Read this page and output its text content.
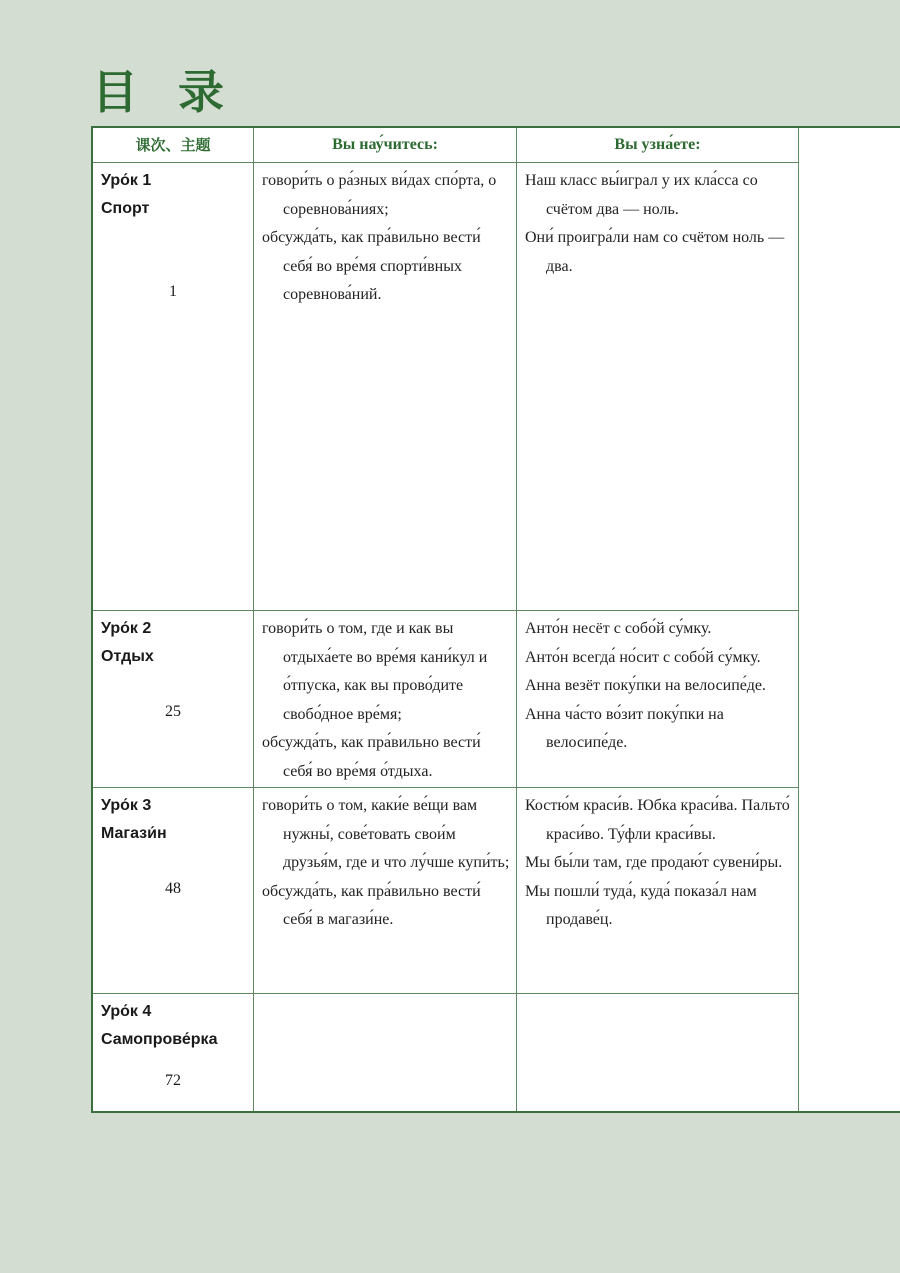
目 录
课次、主题	Вы нау́читесь:	Вы узна́ете:
Уро́к 1
Спорт
1

говори́ть о ра́зных ви́дах спо́рта, о соревнова́ниях;

обсужда́ть, как пра́вильно вести́ себя́ во вре́мя спорти́вных соревнова́ний.

Наш класс вы́играл у их кла́сса со счётом два — ноль.

Они́ проигра́ли нам со счётом ноль — два.

Уро́к 2
Отдых
25

говори́ть о том, где и как вы отдыха́ете во вре́мя кани́кул и о́тпуска, как вы прово́дите свобо́дное вре́мя;

обсужда́ть, как пра́вильно вести́ себя́ во вре́мя о́тдыха.

Анто́н несёт с собо́й су́мку.

Анто́н всегда́ но́сит с собо́й су́мку.

Анна везёт поку́пки на велосипе́де.

Анна ча́сто во́зит поку́пки на велосипе́де.

Уро́к 3
Магази́н
48

говори́ть о том, каки́е ве́щи вам нужны́, сове́товать свои́м друзья́м, где и что лу́чше купи́ть;

обсужда́ть, как пра́вильно вести́ себя́ в магази́не.

Костю́м краси́в. Юбка краси́ва. Пальто́ краси́во. Ту́фли краси́вы.

Мы бы́ли там, где продаю́т сувени́ры.

Мы пошли́ туда́, куда́ показа́л нам продаве́ц.

Уро́к 4
Самопрове́рка
72
